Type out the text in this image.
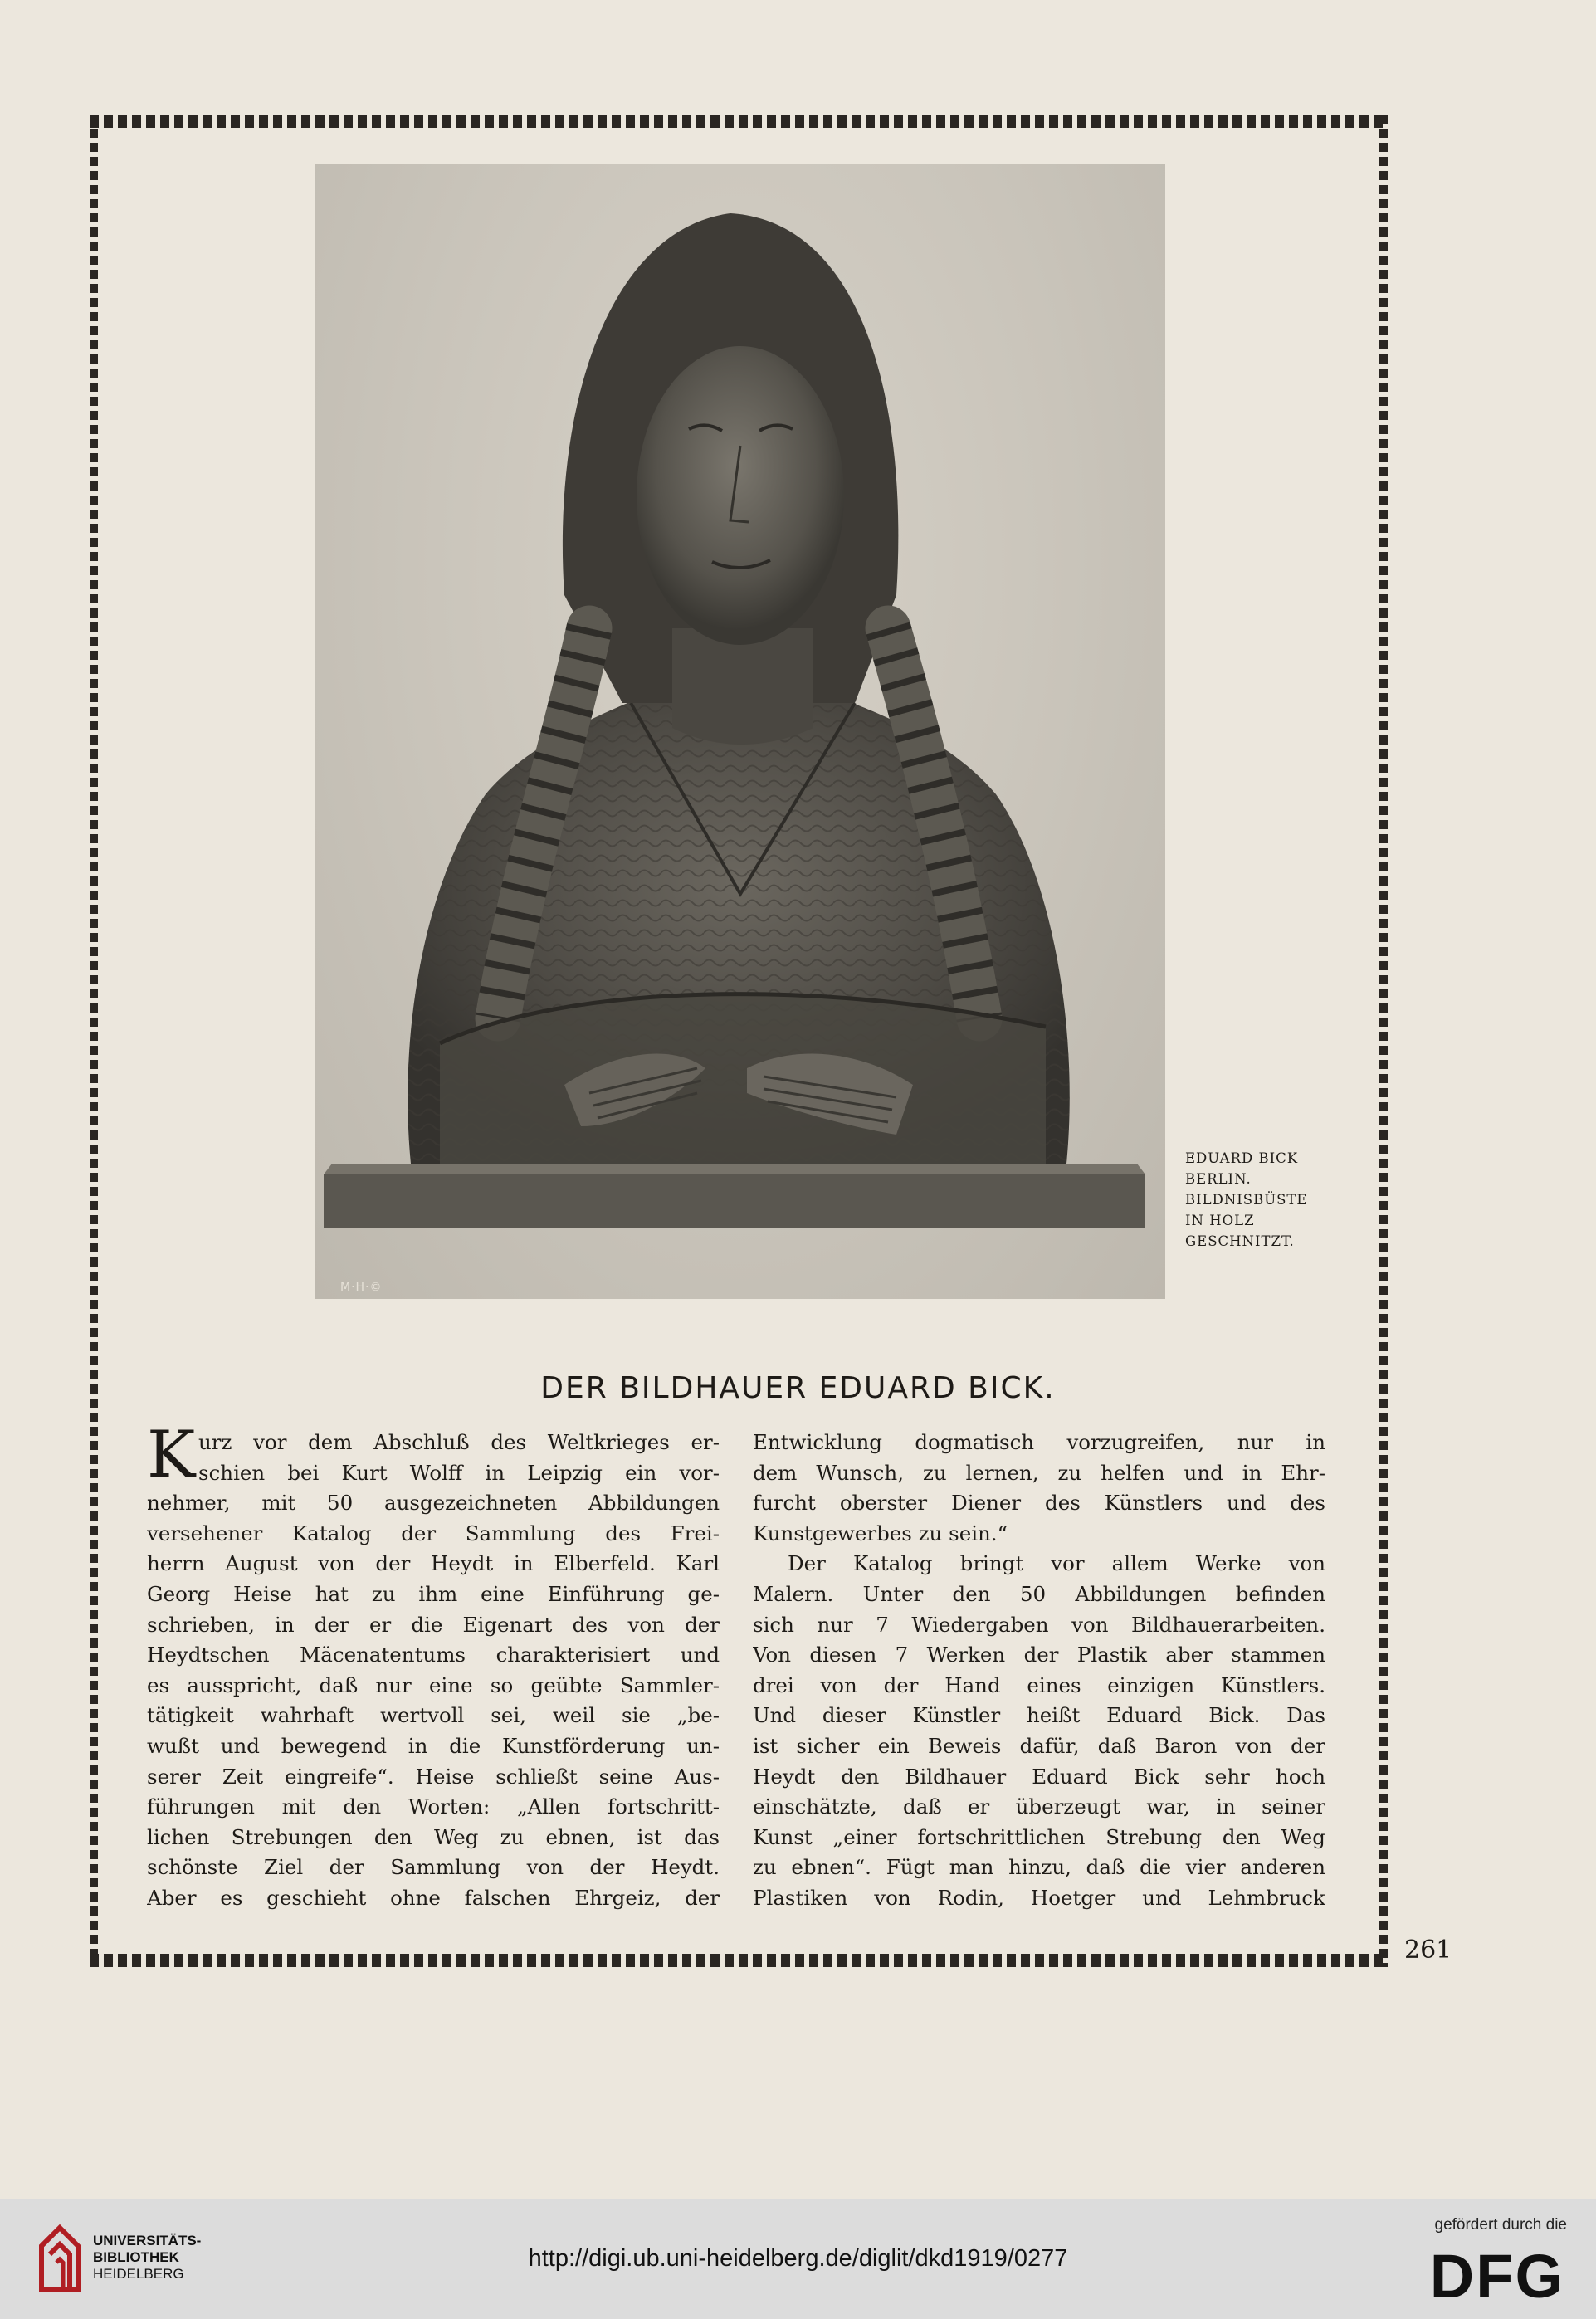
M·H·©
EDUARD BICK
BERLIN.
BILDNISBÜSTE
IN HOLZ
GESCHNITZT.
DER BILDHAUER EDUARD BICK.
K urz vor dem Abschluß des Weltkrieges er-
schien bei Kurt Wolff in Leipzig ein vor-
nehmer, mit 50 ausgezeichneten Abbildungen
versehener Katalog der Sammlung des Frei-
herrn August von der Heydt in Elberfeld. Karl
Georg Heise hat zu ihm eine Einführung ge-
schrieben, in der er die Eigenart des von der
Heydtschen Mäcenatentums charakterisiert und
es ausspricht, daß nur eine so geübte Sammler-
tätigkeit wahrhaft wertvoll sei, weil sie „be-
wußt und bewegend in die Kunstförderung un-
serer Zeit eingreife“. Heise schließt seine Aus-
führungen mit den Worten: „Allen fortschritt-
lichen Strebungen den Weg zu ebnen, ist das
schönste Ziel der Sammlung von der Heydt.
Aber es geschieht ohne falschen Ehrgeiz, der
Entwicklung dogmatisch vorzugreifen, nur in
dem Wunsch, zu lernen, zu helfen und in Ehr-
furcht oberster Diener des Künstlers und des
Kunstgewerbes zu sein.“
Der Katalog bringt vor allem Werke von
Malern. Unter den 50 Abbildungen befinden
sich nur 7 Wiedergaben von Bildhauerarbeiten.
Von diesen 7 Werken der Plastik aber stammen
drei von der Hand eines einzigen Künstlers.
Und dieser Künstler heißt Eduard Bick. Das
ist sicher ein Beweis dafür, daß Baron von der
Heydt den Bildhauer Eduard Bick sehr hoch
einschätzte, daß er überzeugt war, in seiner
Kunst „einer fortschrittlichen Strebung den Weg
zu ebnen“. Fügt man hinzu, daß die vier anderen
Plastiken von Rodin, Hoetger und Lehmbruck
261
UNIVERSITÄTS-
BIBLIOTHEK
HEIDELBERG
http://digi.ub.uni-heidelberg.de/diglit/dkd1919/0277
gefördert durch die
DFG
